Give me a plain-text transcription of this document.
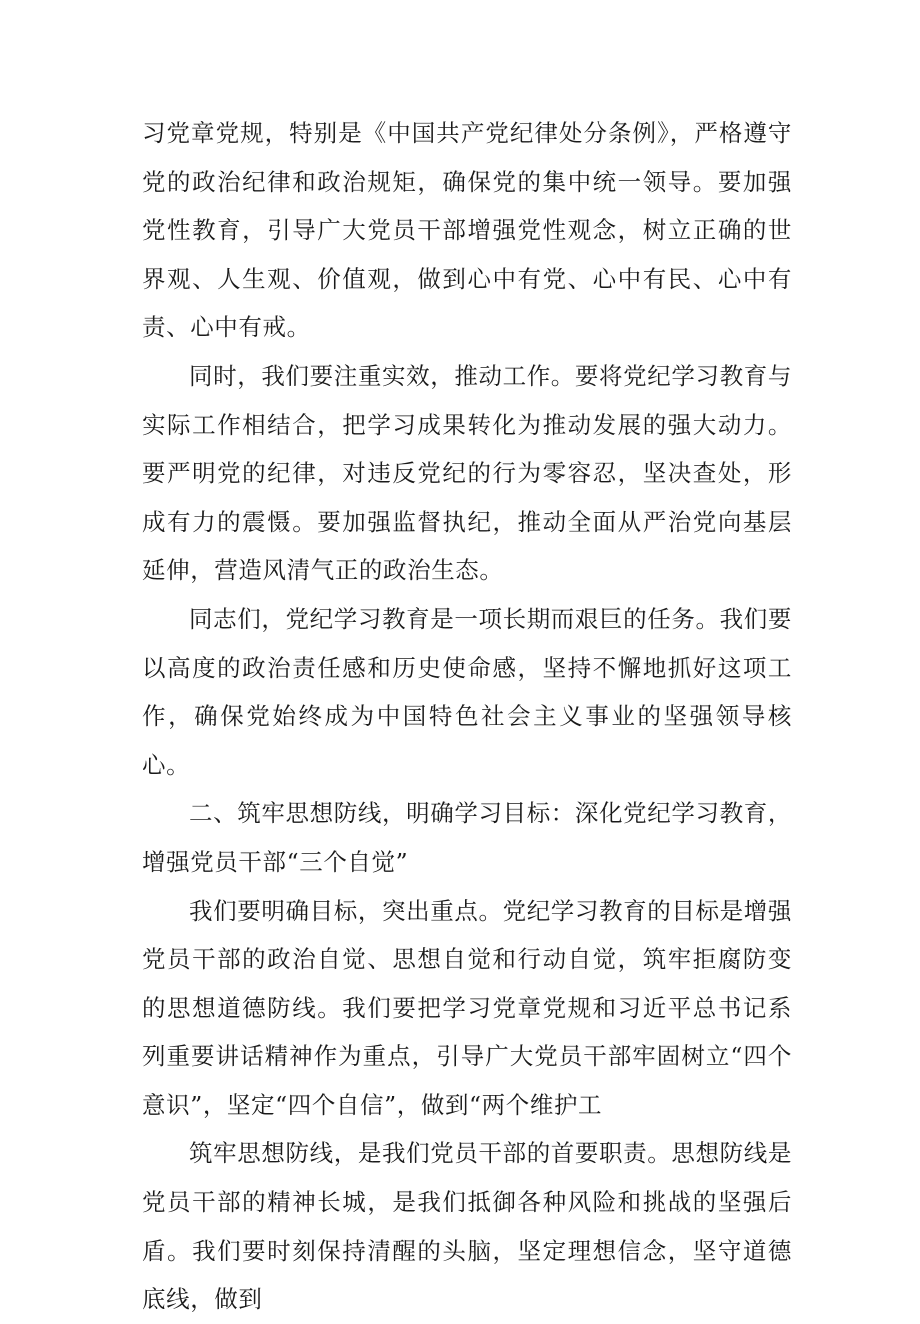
习党章党规，特别是《中国共产党纪律处分条例》，严格遵守党的政治纪律和政治规矩，确保党的集中统一领导。要加强党性教育，引导广大党员干部增强党性观念，树立正确的世界观、人生观、价值观，做到心中有党、心中有民、心中有责、心中有戒。

同时，我们要注重实效，推动工作。要将党纪学习教育与实际工作相结合，把学习成果转化为推动发展的强大动力。要严明党的纪律，对违反党纪的行为零容忍，坚决查处，形成有力的震慑。要加强监督执纪，推动全面从严治党向基层延伸，营造风清气正的政治生态。

同志们，党纪学习教育是一项长期而艰巨的任务。我们要以高度的政治责任感和历史使命感，坚持不懈地抓好这项工作，确保党始终成为中国特色社会主义事业的坚强领导核心。

二、筑牢思想防线，明确学习目标：深化党纪学习教育，增强党员干部“三个自觉”

我们要明确目标，突出重点。党纪学习教育的目标是增强党员干部的政治自觉、思想自觉和行动自觉，筑牢拒腐防变的思想道德防线。我们要把学习党章党规和习近平总书记系列重要讲话精神作为重点，引导广大党员干部牢固树立“四个意识”，坚定“四个自信”，做到“两个维护工

筑牢思想防线，是我们党员干部的首要职责。思想防线是党员干部的精神长城，是我们抵御各种风险和挑战的坚强后盾。我们要时刻保持清醒的头脑，坚定理想信念，坚守道德底线，做到
